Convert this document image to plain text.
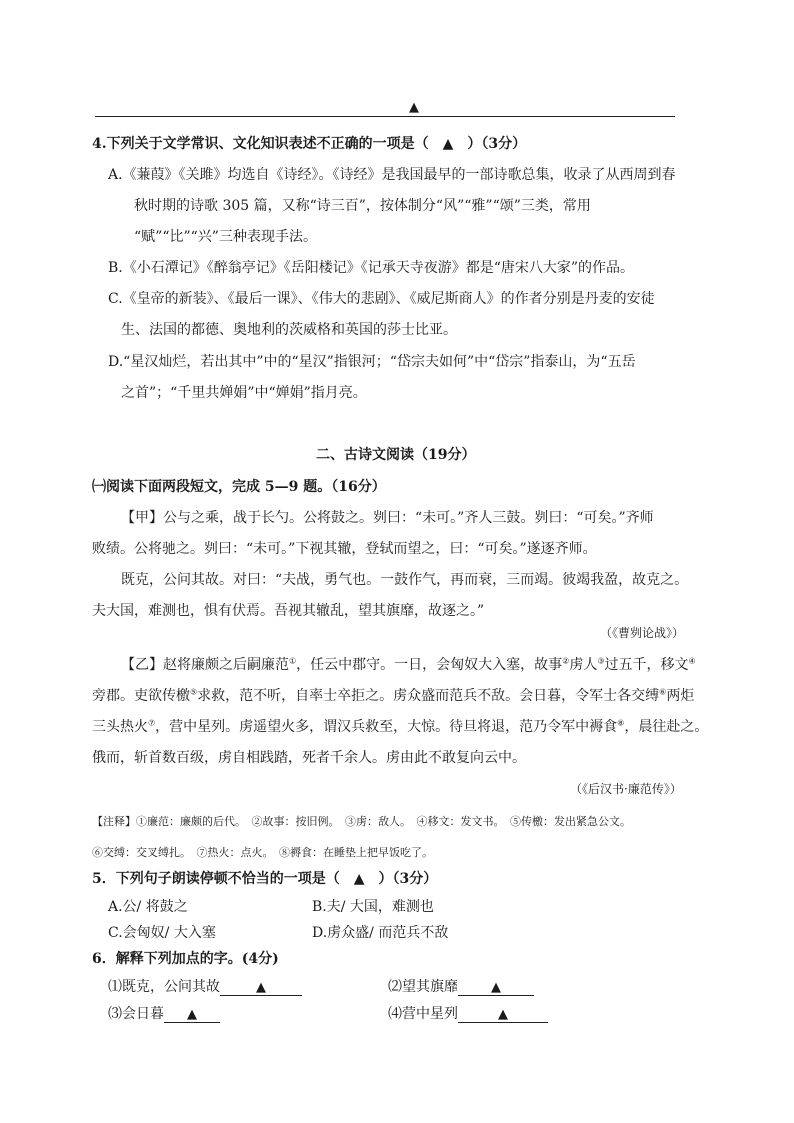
▲
4.下列关于文学常识、文化知识表述不正确的一项是（　▲　）（3分）
A.《蒹葭》《关雎》均选自《诗经》。《诗经》是我国最早的一部诗歌总集，收录了从西周到春
秋时期的诗歌 305 篇，又称“诗三百”，按体制分“风”“雅”“颂”三类，常用
“赋”“比”“兴”三种表现手法。
B.《小石潭记》《醉翁亭记》《岳阳楼记》《记承天寺夜游》都是“唐宋八大家”的作品。
C.《皇帝的新装》、《最后一课》、《伟大的悲剧》、《威尼斯商人》的作者分别是丹麦的安徒
生、法国的都德、奥地利的茨威格和英国的莎士比亚。
D.“星汉灿烂，若出其中”中的“星汉”指银河；“岱宗夫如何”中“岱宗”指泰山，为“五岳
之首”；“千里共婵娟”中“婵娟”指月亮。
二、古诗文阅读（19分）
㈠阅读下面两段短文，完成 5—9 题。（16分）
【甲】公与之乘，战于长勺。公将鼓之。刿曰：“未可。”齐人三鼓。刿曰：“可矣。”齐师
败绩。公将驰之。刿曰：“未可。”下视其辙，登轼而望之，曰：“可矣。”遂逐齐师。
既克，公问其故。对曰：“夫战，勇气也。一鼓作气，再而衰，三而竭。彼竭我盈，故克之。
夫大国，难测也，惧有伏焉。吾视其辙乱，望其旗靡，故逐之。”
（《曹刿论战》）
【乙】赵将廉颇之后嗣廉范①，任云中郡守。一日，会匈奴大入塞，故事②虏人③过五千，移文④
旁郡。吏欲传檄⑤求救，范不听，自率士卒拒之。虏众盛而范兵不敌。会日暮，令军士各交缚⑥两炬
三头热火⑦，营中星列。虏遥望火多，谓汉兵救至，大惊。待旦将退，范乃令军中褥食⑧，晨往赴之。
俄而，斩首数百级，虏自相践踏，死者千余人。虏由此不敢复向云中。
（《后汉书·廉范传》）
【注释】①廉范：廉颇的后代。　②故事：按旧例。　③虏：敌人。　④移文：发文书。　⑤传檄：发出紧急公文。
⑥交缚：交叉缚扎。　⑦热火：点火。　⑧褥食：在睡垫上把早饭吃了。
5．下列句子朗读停顿不恰当的一项是（　▲　）（3分）
A.公/ 将鼓之	B.夫/ 大国，难测也
C.会匈奴/ 大入塞	D.虏众盛/ 而范兵不敌
6．解释下列加点的字。(4分)
⑴既克，公问其故	▲	⑵望其旗靡	▲
⑶会日暮 ▲	⑷营中星列	▲
